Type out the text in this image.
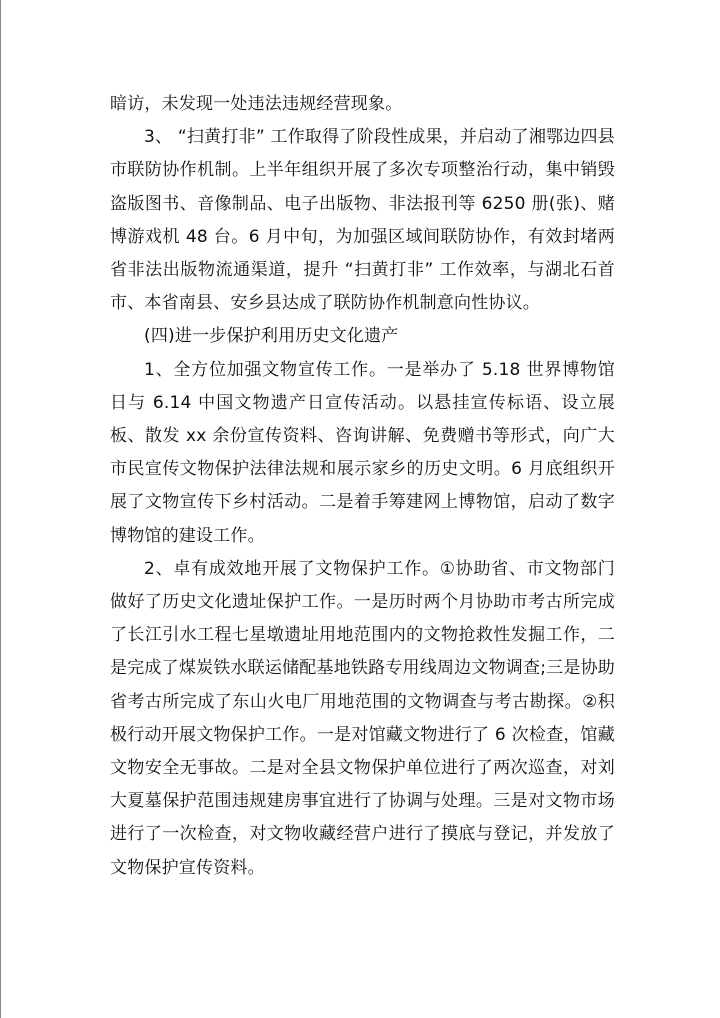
暗访，未发现一处违法违规经营现象。

3、 “扫黄打非” 工作取得了阶段性成果，并启动了湘鄂边四县市联防协作机制。上半年组织开展了多次专项整治行动，集中销毁盗版图书、音像制品、电子出版物、非法报刊等 6250 册(张)、赌博游戏机 48 台。6 月中旬，为加强区域间联防协作，有效封堵两省非法出版物流通渠道，提升 “扫黄打非” 工作效率，与湖北石首市、本省南县、安乡县达成了联防协作机制意向性协议。

(四)进一步保护利用历史文化遗产

1、全方位加强文物宣传工作。一是举办了 5.18 世界博物馆日与 6.14 中国文物遗产日宣传活动。以悬挂宣传标语、设立展板、散发 xx 余份宣传资料、咨询讲解、免费赠书等形式，向广大市民宣传文物保护法律法规和展示家乡的历史文明。6 月底组织开展了文物宣传下乡村活动。二是着手筹建网上博物馆，启动了数字博物馆的建设工作。

2、卓有成效地开展了文物保护工作。①协助省、市文物部门做好了历史文化遗址保护工作。一是历时两个月协助市考古所完成了长江引水工程七星墩遗址用地范围内的文物抢救性发掘工作，二是完成了煤炭铁水联运储配基地铁路专用线周边文物调查;三是协助省考古所完成了东山火电厂用地范围的文物调查与考古勘探。②积极行动开展文物保护工作。一是对馆藏文物进行了 6 次检查，馆藏文物安全无事故。二是对全县文物保护单位进行了两次巡查，对刘大夏墓保护范围违规建房事宜进行了协调与处理。三是对文物市场进行了一次检查，对文物收藏经营户进行了摸底与登记，并发放了文物保护宣传资料。
